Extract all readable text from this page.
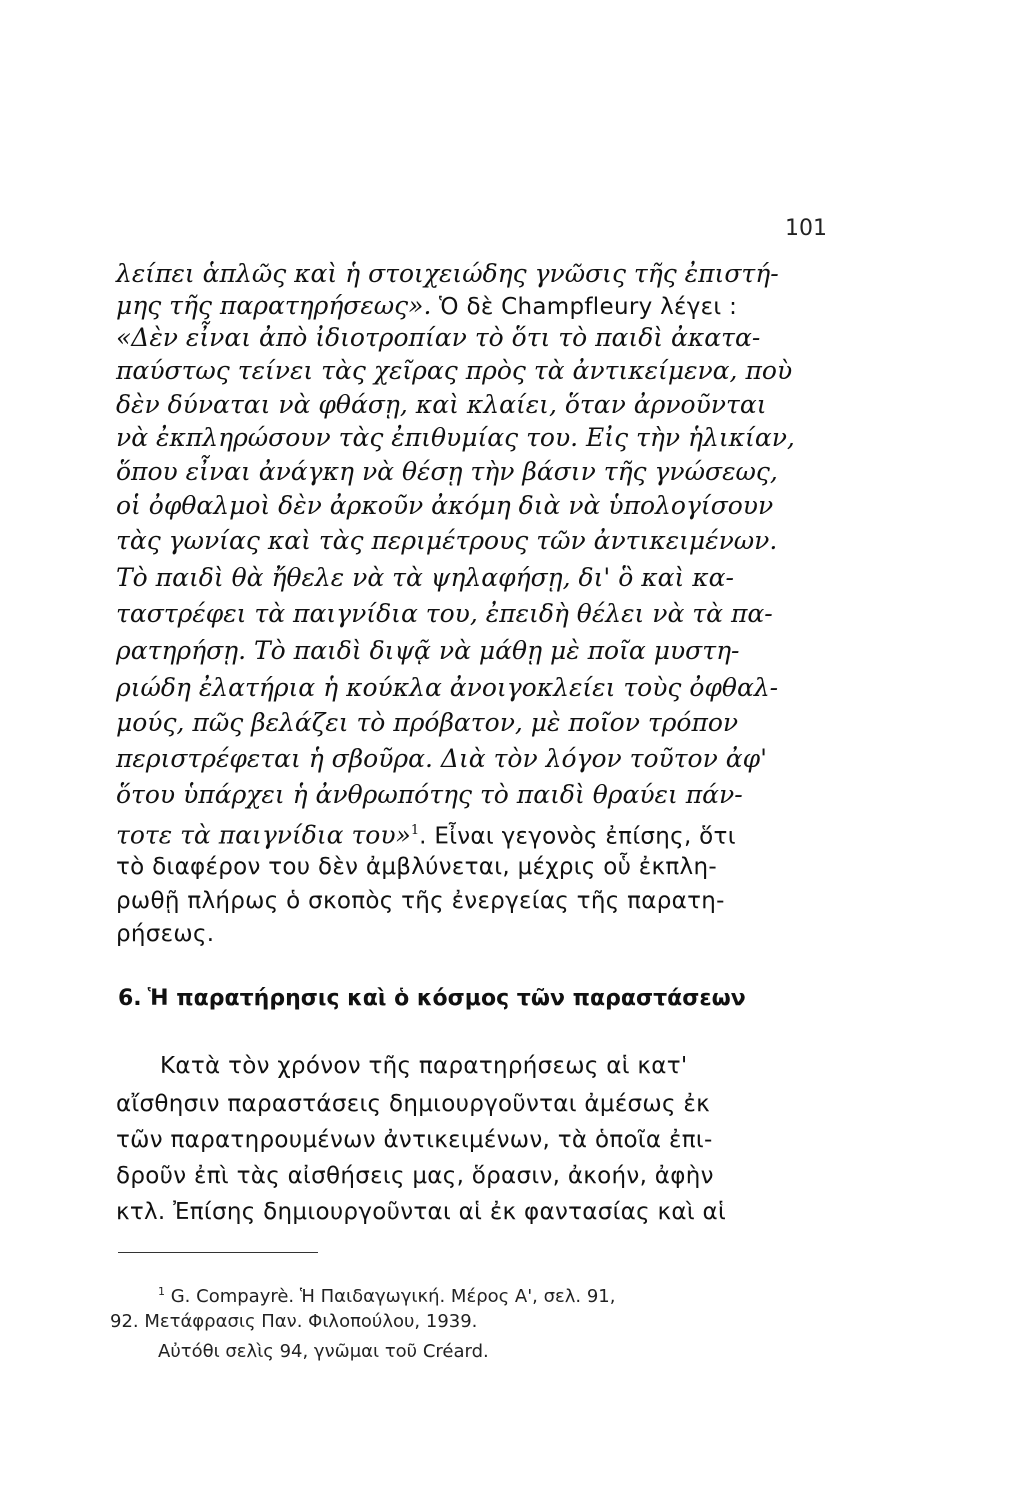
101
λείπει ἁπλῶς καὶ ἡ στοιχειώδης γνῶσις τῆς ἐπιστή-
μης τῆς παρατηρήσεως». Ὁ δὲ Champfleury λέγει :
«Δὲν εἶναι ἀπὸ ἰδιοτροπίαν τὸ ὅτι τὸ παιδὶ ἀκατα-
παύστως τείνει τὰς χεῖρας πρὸς τὰ ἀντικείμενα, ποὺ
δὲν δύναται νὰ φθάσῃ, καὶ κλαίει, ὅταν ἀρνοῦνται
νὰ ἐκπληρώσουν τὰς ἐπιθυμίας του. Εἰς τὴν ἡλικίαν,
ὅπου εἶναι ἀνάγκη νὰ θέσῃ τὴν βάσιν τῆς γνώσεως,
οἱ ὀφθαλμοὶ δὲν ἀρκοῦν ἀκόμη διὰ νὰ ὑπολογίσουν
τὰς γωνίας καὶ τὰς περιμέτρους τῶν ἀντικειμένων.
Τὸ παιδὶ θὰ ἤθελε νὰ τὰ ψηλαφήσῃ, δι' ὃ καὶ κα-
ταστρέφει τὰ παιγνίδια του, ἐπειδὴ θέλει νὰ τὰ πα-
ρατηρήσῃ. Τὸ παιδὶ διψᾷ νὰ μάθῃ μὲ ποῖα μυστη-
ριώδη ἐλατήρια ἡ κούκλα ἀνοιγοκλείει τοὺς ὀφθαλ-
μούς, πῶς βελάζει τὸ πρόβατον, μὲ ποῖον τρόπον
περιστρέφεται ἡ σβοῦρα. Διὰ τὸν λόγον τοῦτον ἀφ'
ὅτου ὑπάρχει ἡ ἀνθρωπότης τὸ παιδὶ θραύει πάν-
τοτε τὰ παιγνίδια του»$^1$. Εἶναι γεγονὸς ἐπίσης, ὅτι
τὸ διαφέρον του δὲν ἀμβλύνεται, μέχρις οὗ ἐκπλη-
ρωθῇ πλήρως ὁ σκοπὸς τῆς ἐνεργείας τῆς παρατη-
ρήσεως.
6. Ἡ παρατήρησις καὶ ὁ κόσμος τῶν παραστάσεων
Κατὰ τὸν χρόνον τῆς παρατηρήσεως αἱ κατ'
αἴσθησιν παραστάσεις δημιουργοῦνται ἀμέσως ἐκ
τῶν παρατηρουμένων ἀντικειμένων, τὰ ὁποῖα ἐπι-
δροῦν ἐπὶ τὰς αἰσθήσεις μας, ὅρασιν, ἀκοήν, ἀφὴν
κτλ. Ἐπίσης δημιουργοῦνται αἱ ἐκ φαντασίας καὶ αἱ
$^1$ G. Compayrè. Ἡ Παιδαγωγική. Μέρος Α', σελ. 91,
92. Μετάφρασις Παν. Φιλοπούλου, 1939.
Αὐτόθι σελὶς 94, γνῶμαι τοῦ Créard.
